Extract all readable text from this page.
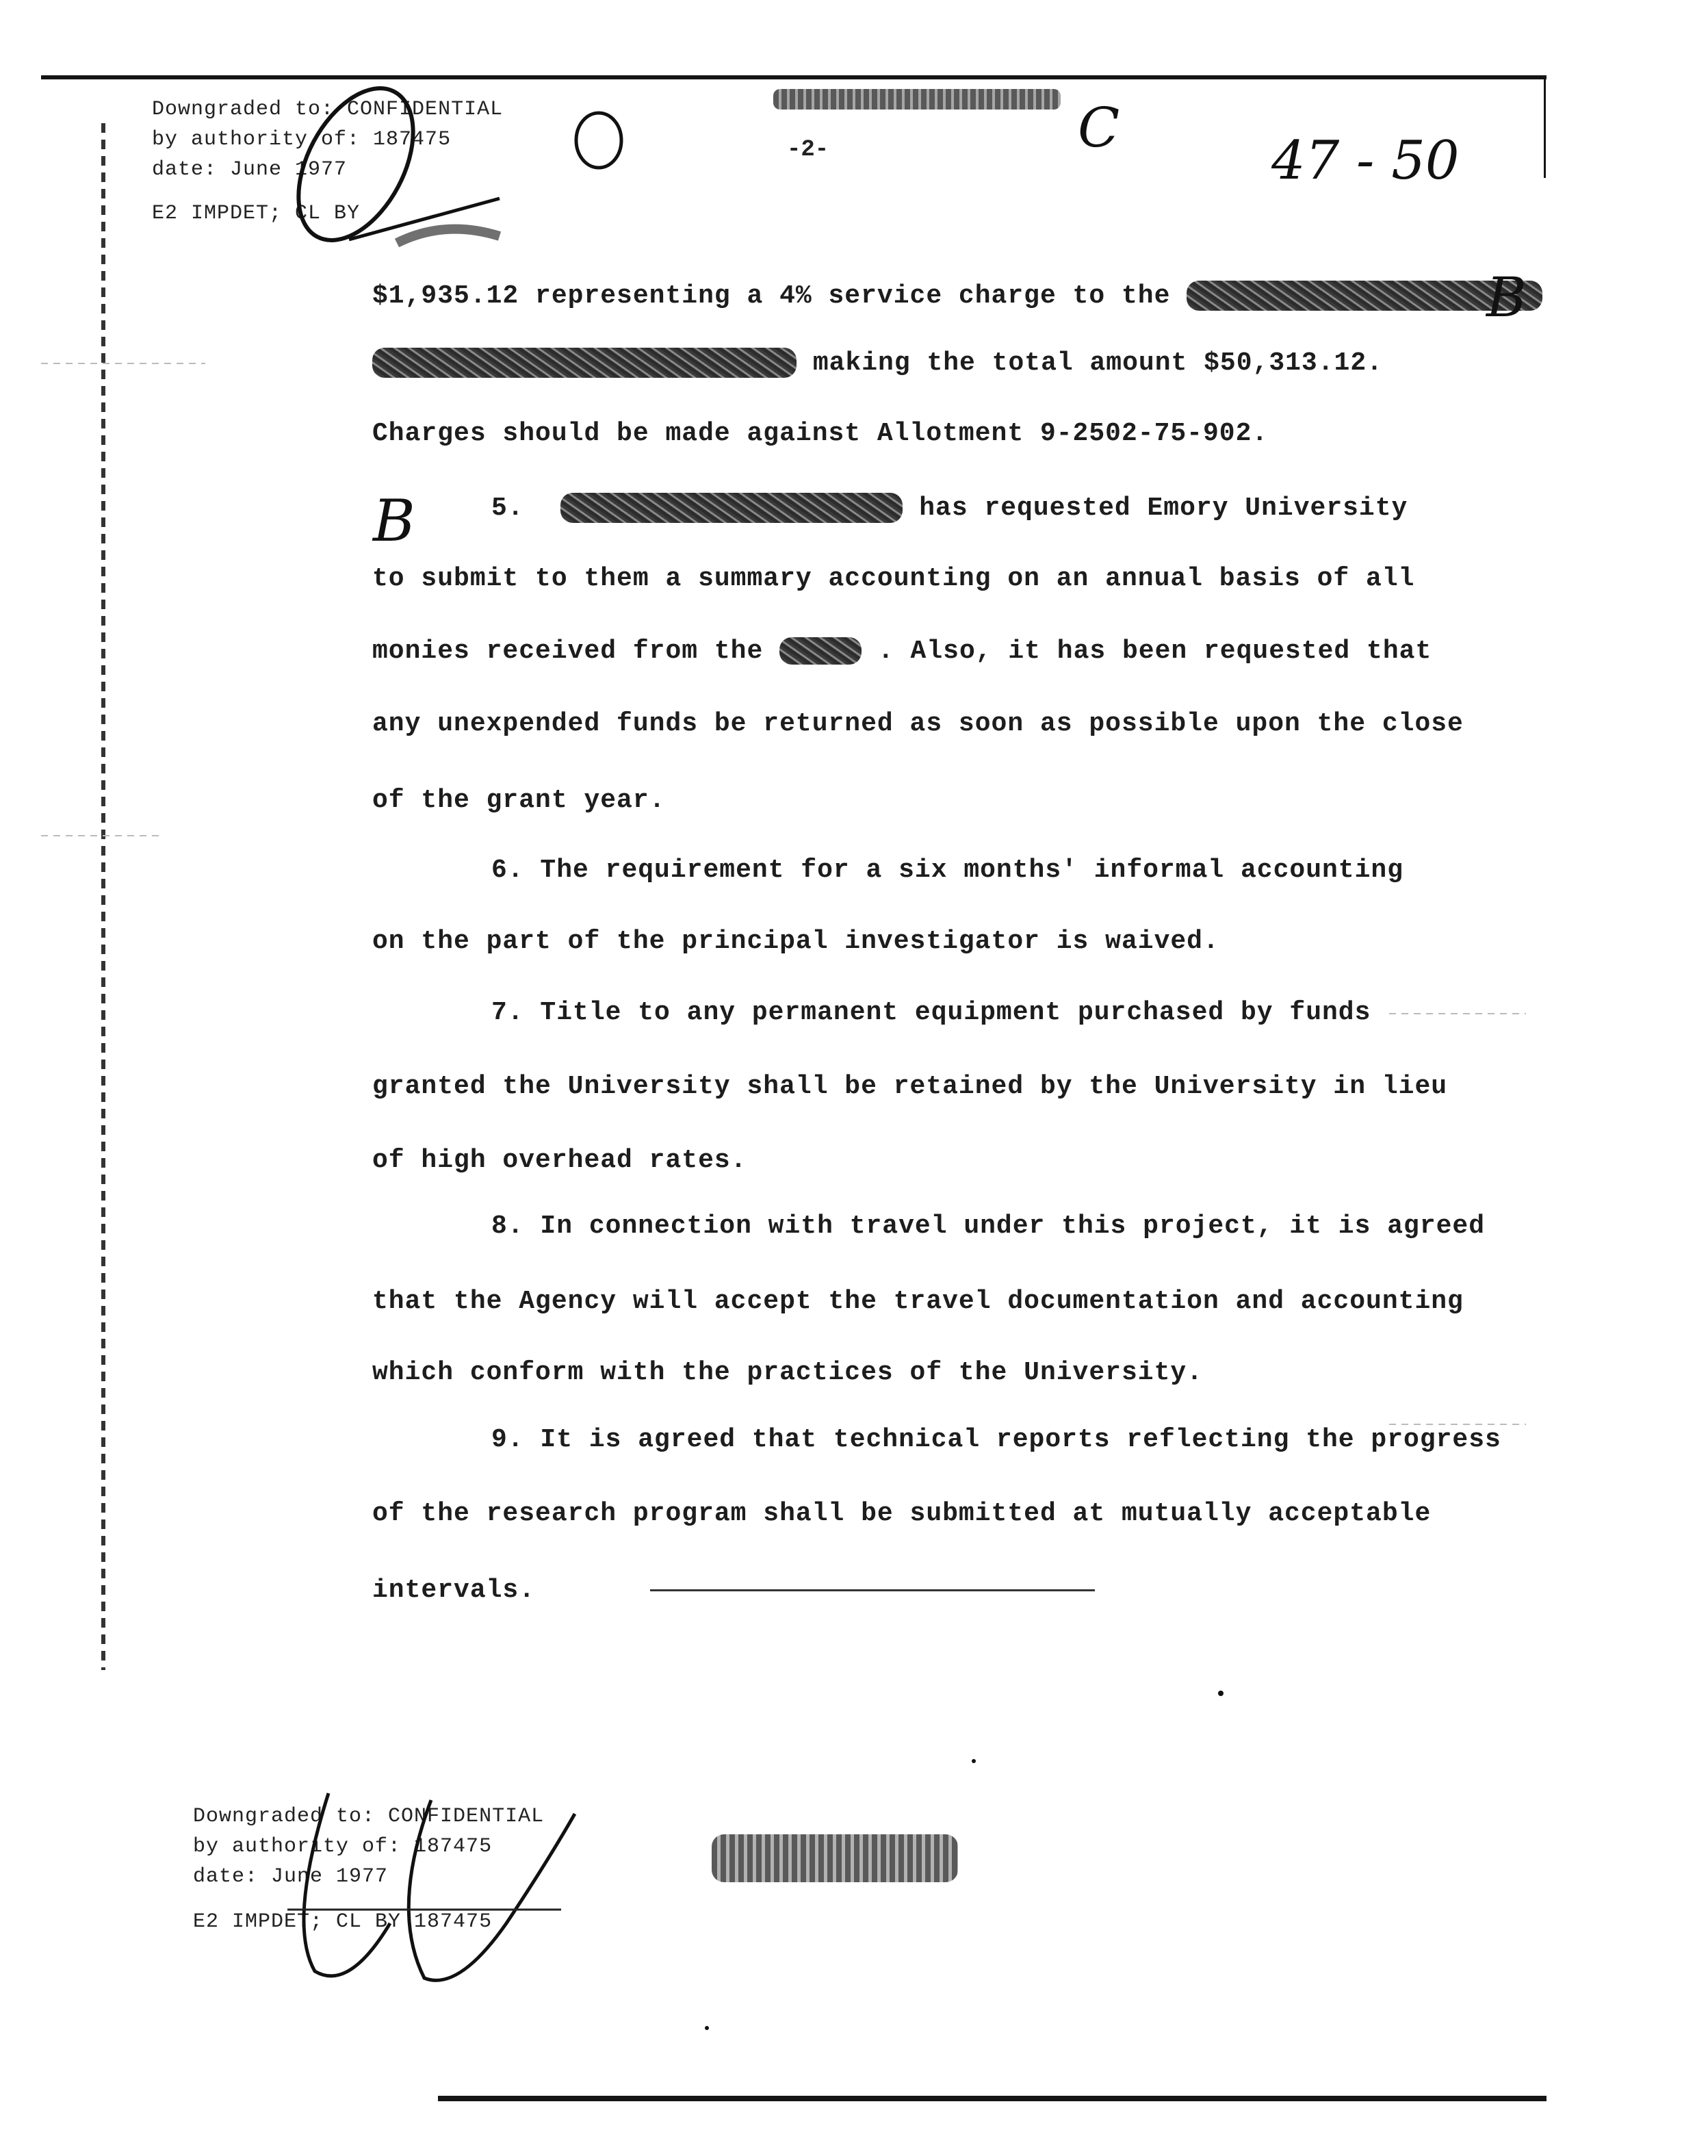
Downgraded to: CONFIDENTIAL
by authority of: 187475
date: June 1977
E2 IMPDET; CL BY
-2-	C
47 - 50
$1,935.12 representing a 4% service charge to the	B
making the total amount $50,313.12.
Charges should be made against Allotment 9-2502-75-902.
B	5.	has requested Emory University
to submit to them a summary accounting on an annual basis of all
monies received from the	. Also, it has been requested that
any unexpended funds be returned as soon as possible upon the close
of the grant year.
6. The requirement for a six months' informal accounting
on the part of the principal investigator is waived.
7. Title to any permanent equipment purchased by funds
granted the University shall be retained by the University in lieu
of high overhead rates.
8. In connection with travel under this project, it is agreed
that the Agency will accept the travel documentation and accounting
which conform with the practices of the University.
9. It is agreed that technical reports reflecting the progress
of the research program shall be submitted at mutually acceptable
intervals.
Downgraded to: CONFIDENTIAL
by authority of: 187475
date: June 1977
E2 IMPDET; CL BY 187475
